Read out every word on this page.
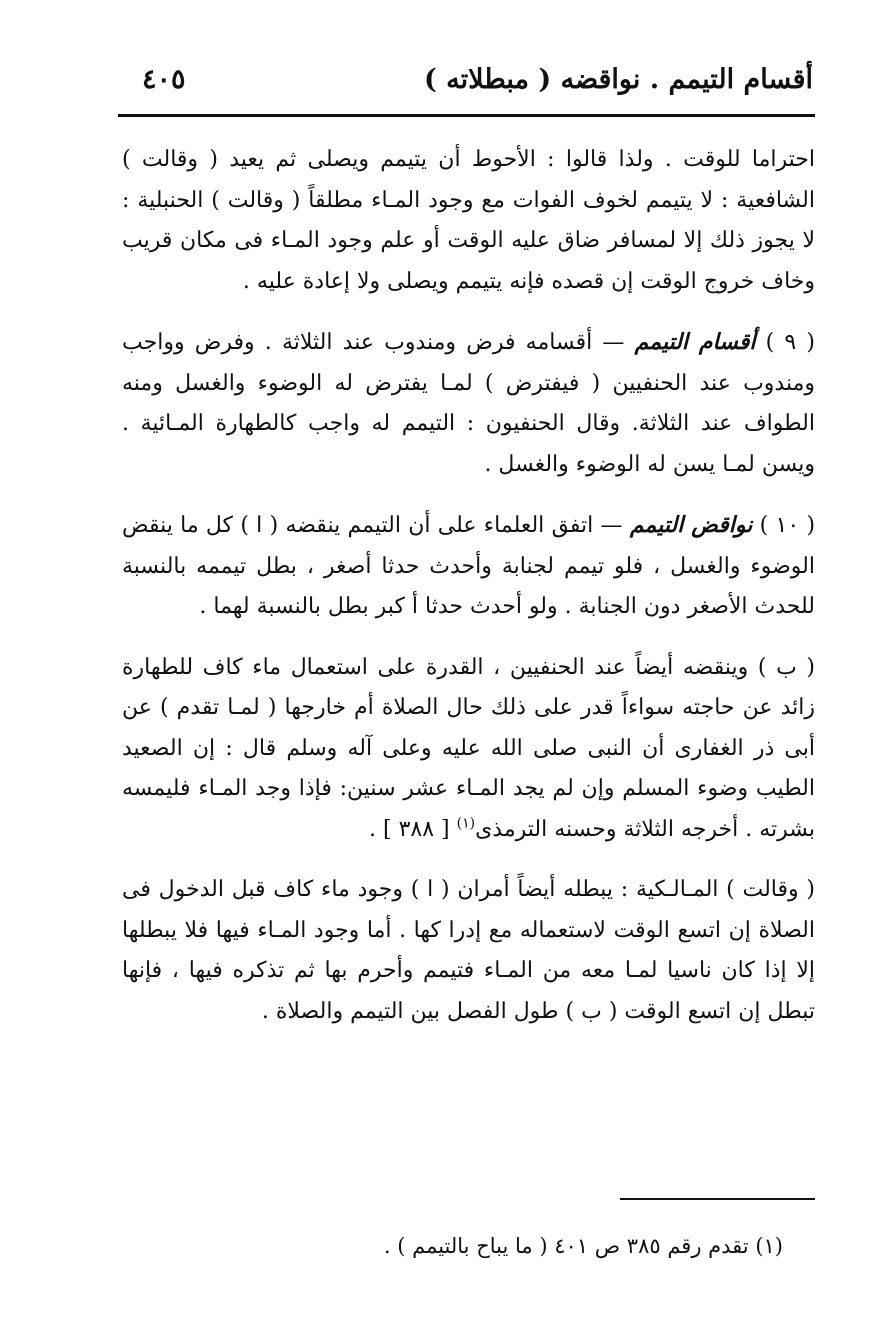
أقسام التيمم . نواقضه ( مبطلاته )
٤٠٥

احتراما للوقت . ولذا قالوا : الأحوط أن يتيمم ويصلى ثم يعيد ( وقالت ) الشافعية : لا يتيمم لخوف الفوات مع وجود المـاء مطلقاً ( وقالت ) الحنبلية : لا يجوز ذلك إلا لمسافر ضاق عليه الوقت أو علم وجود المـاء فى مكان قريب وخاف خروج الوقت إن قصده فإنه يتيمم ويصلى ولا إعادة عليه .

( ٩ ) أقسام التيمم — أقسامه فرض ومندوب عند الثلاثة . وفرض وواجب ومندوب عند الحنفيين ( فيفترض ) لمـا يفترض له الوضوء والغسل ومنه الطواف عند الثلاثة. وقال الحنفيون : التيمم له واجب كالطهارة المـائية . ويسن لمـا يسن له الوضوء والغسل .

( ١٠ ) نواقض التيمم — اتفق العلماء على أن التيمم ينقضه ( ا ) كل ما ينقض الوضوء والغسل ، فلو تيمم لجنابة وأحدث حدثا أصغر ، بطل تيممه بالنسبة للحدث الأصغر دون الجنابة . ولو أحدث حدثا أ كبر بطل بالنسبة لهما .

( ب ) وينقضه أيضاً عند الحنفيين ، القدرة على استعمال ماء كاف للطهارة زائد عن حاجته سواءاً قدر على ذلك حال الصلاة أم خارجها ( لمـا تقدم ) عن أبى ذر الغفارى أن النبى صلى الله عليه وعلى آله وسلم قال : إن الصعيد الطيب وضوء المسلم وإن لم يجد المـاء عشر سنين: فإذا وجد المـاء فليمسه بشرته . أخرجه الثلاثة وحسنه الترمذى$^{(١)}$ [ ٣٨٨ ] .

( وقالت ) المـالـكية : يبطله أيضاً أمران ( ا ) وجود ماء كاف قبل الدخول فى الصلاة إن اتسع الوقت لاستعماله مع إدرا كها . أما وجود المـاء فيها فلا يبطلها إلا إذا كان ناسيا لمـا معه من المـاء فتيمم وأحرم بها ثم تذكره فيها ، فإنها تبطل إن اتسع الوقت ( ب ) طول الفصل بين التيمم والصلاة .

(١) تقدم رقم ٣٨٥ ص ٤٠١ ( ما يباح بالتيمم ) .
